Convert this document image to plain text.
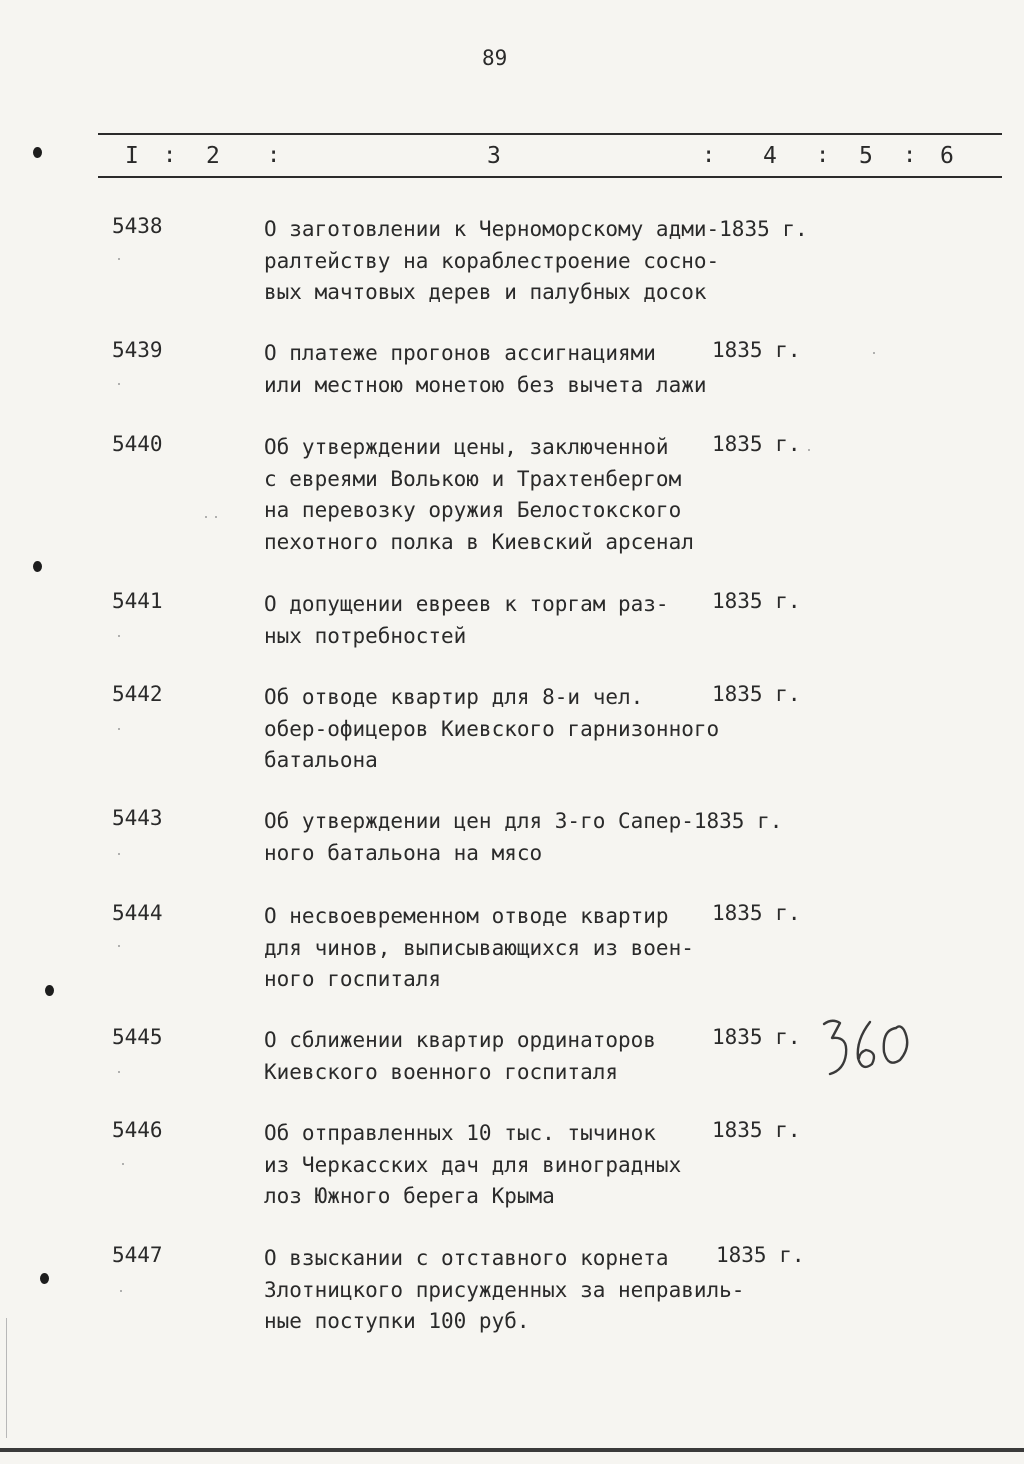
89
I : 2 :	3	: 4 : 5 : 6
5438	О заготовлении к Черноморскому адми-1835 г.
ралтейству на кораблестроение сосно-
вых мачтовых дерев и палубных досок
5439	О платеже прогонов ассигнациями
или местною монетою без вычета лажи
1835 г.
5440	Об утверждении цены, заключенной
с евреями Волькою и Трахтенбергом
на перевозку оружия Белостокского
пехотного полка в Киевский арсенал
1835 г.
5441	О допущении евреев к торгам раз-
ных потребностей
1835 г.
5442	Об отводе квартир для 8-и чел.
обер-офицеров Киевского гарнизонного
батальона
1835 г.
5443	Об утверждении цен для 3-го Сапер-1835 г.
ного батальона на мясо
5444	О несвоевременном отводе квартир
для чинов, выписывающихся из воен-
ного госпиталя
1835 г.
5445	О сближении квартир ординаторов
Киевского военного госпиталя
1835 г.
5446	Об отправленных 10 тыс. тычинок
из Черкасских дач для виноградных
лоз Южного берега Крыма
1835 г.
5447	О взыскании с отставного корнета
Злотницкого присужденных за неправиль-
ные поступки 100 руб.
1835 г.
